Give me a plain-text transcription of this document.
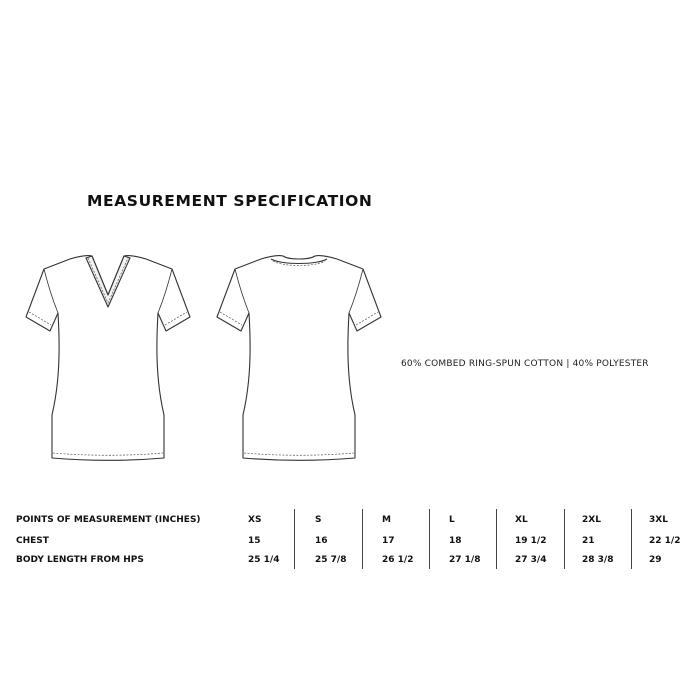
MEASUREMENT SPECIFICATION
60% COMBED RING-SPUN COTTON | 40% POLYESTER
POINTS OF MEASUREMENT (INCHES)	XS	S	M	L	XL	2XL	3XL
CHEST	15	16	17	18	19 1/2	21	22 1/2
BODY LENGTH FROM HPS	25 1/4	25 7/8	26 1/2	27 1/8	27 3/4	28 3/8	29
